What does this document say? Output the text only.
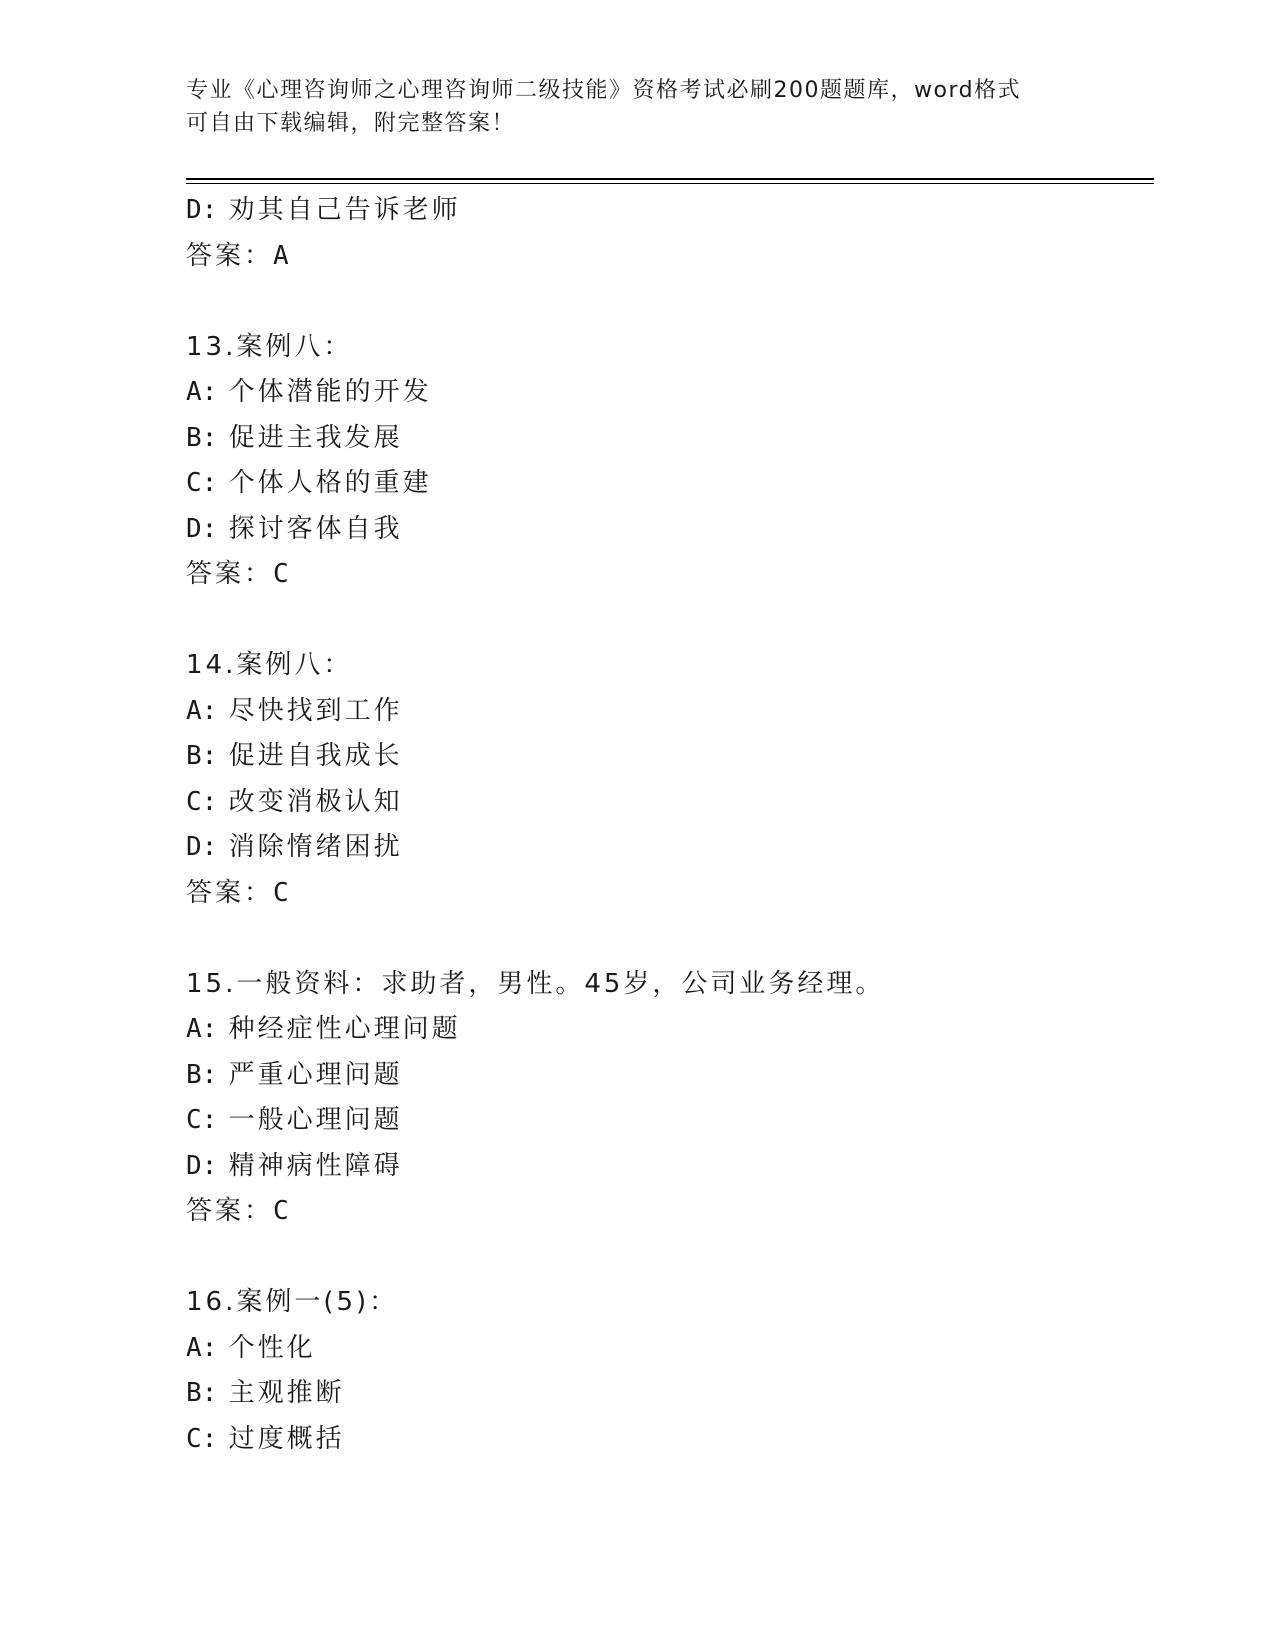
专业《心理咨询师之心理咨询师二级技能》资格考试必刷200题题库，word格式
可自由下载编辑，附完整答案！
D: 劝其自己告诉老师
答案：A
13.案例八：
A: 个体潜能的开发
B: 促进主我发展
C: 个体人格的重建
D: 探讨客体自我
答案：C
14.案例八：
A: 尽快找到工作
B: 促进自我成长
C: 改变消极认知
D: 消除惰绪困扰
答案：C
15.一般资料：求助者，男性。45岁，公司业务经理。
A: 种经症性心理问题
B: 严重心理问题
C: 一般心理问题
D: 精神病性障碍
答案：C
16.案例一(5)：
A: 个性化
B: 主观推断
C: 过度概括
